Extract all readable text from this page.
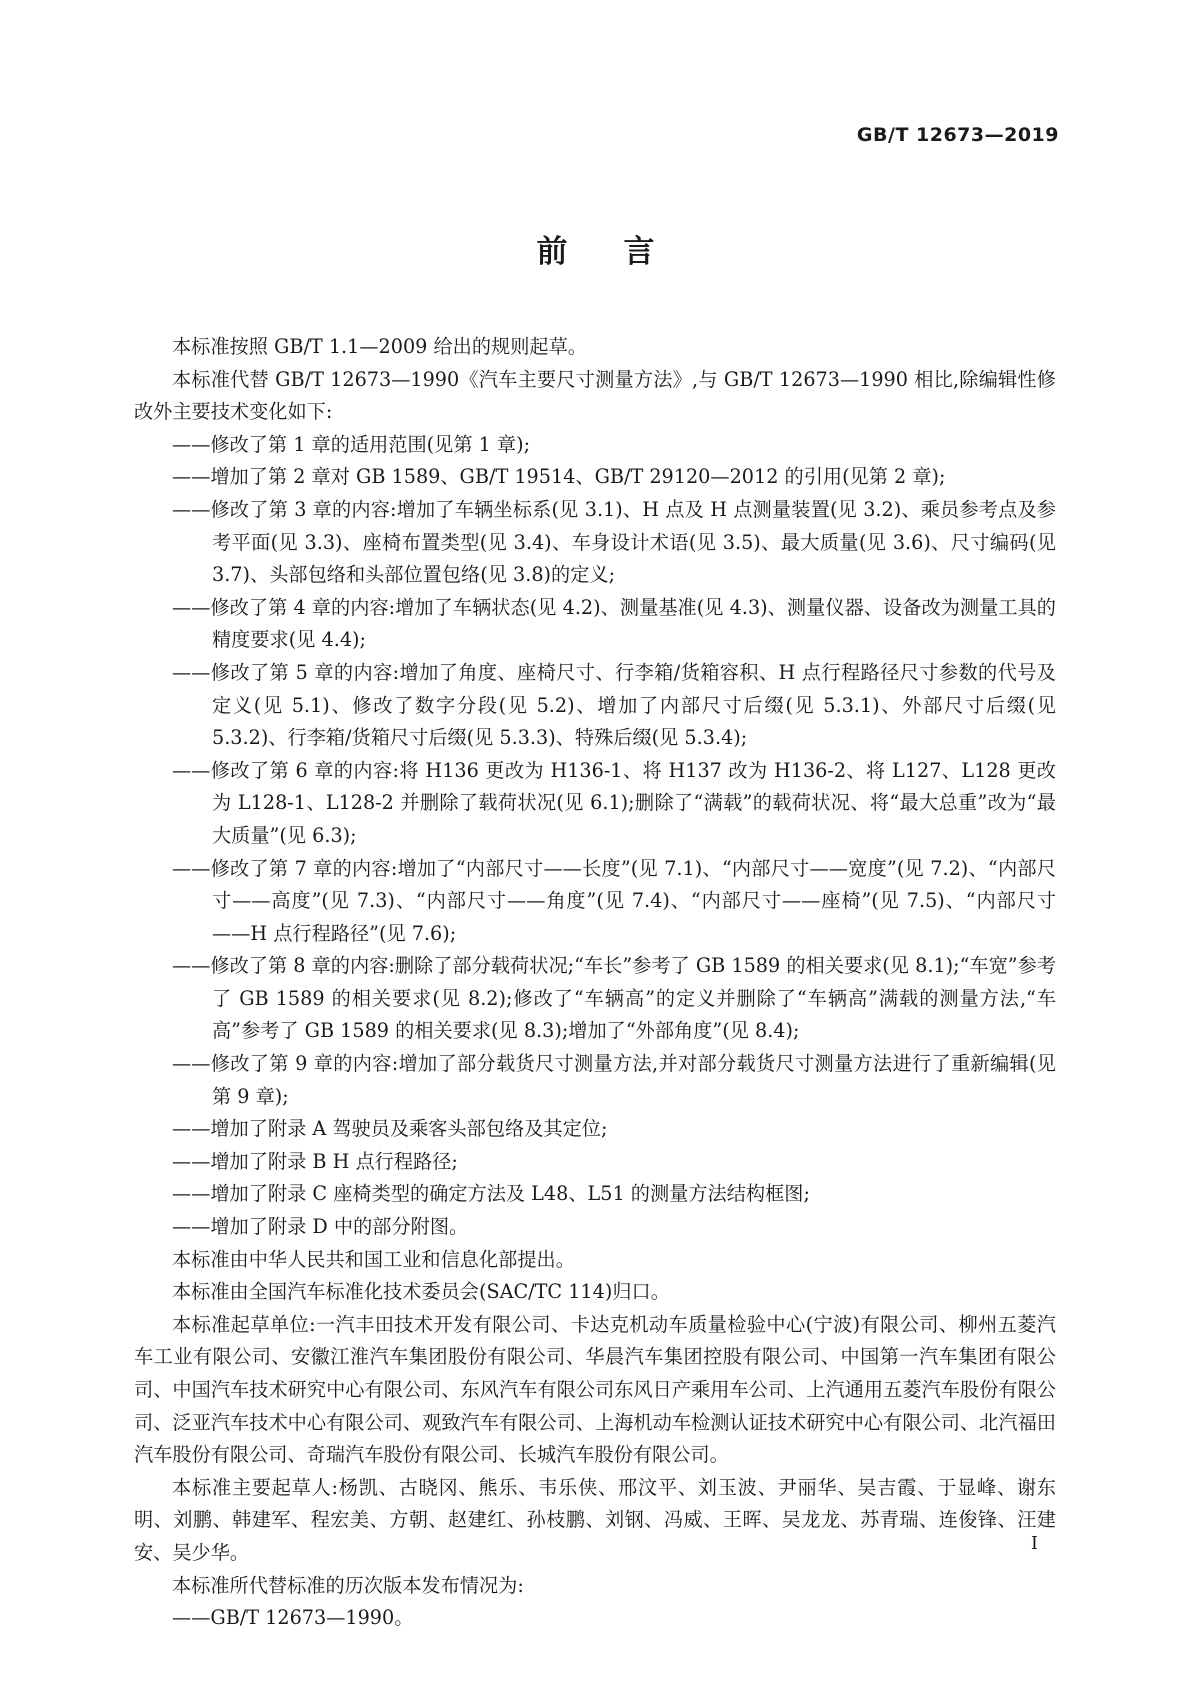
GB/T 12673—2019
前言

本标准按照 GB/T 1.1—2009 给出的规则起草。

本标准代替 GB/T 12673—1990《汽车主要尺寸测量方法》,与 GB/T 12673—1990 相比,除编辑性修改外主要技术变化如下:

——修改了第 1 章的适用范围(见第 1 章);

——增加了第 2 章对 GB 1589、GB/T 19514、GB/T 29120—2012 的引用(见第 2 章);

——修改了第 3 章的内容:增加了车辆坐标系(见 3.1)、H 点及 H 点测量装置(见 3.2)、乘员参考点及参考平面(见 3.3)、座椅布置类型(见 3.4)、车身设计术语(见 3.5)、最大质量(见 3.6)、尺寸编码(见 3.7)、头部包络和头部位置包络(见 3.8)的定义;

——修改了第 4 章的内容:增加了车辆状态(见 4.2)、测量基准(见 4.3)、测量仪器、设备改为测量工具的精度要求(见 4.4);

——修改了第 5 章的内容:增加了角度、座椅尺寸、行李箱/货箱容积、H 点行程路径尺寸参数的代号及定义(见 5.1)、修改了数字分段(见 5.2)、增加了内部尺寸后缀(见 5.3.1)、外部尺寸后缀(见 5.3.2)、行李箱/货箱尺寸后缀(见 5.3.3)、特殊后缀(见 5.3.4);

——修改了第 6 章的内容:将 H136 更改为 H136-1、将 H137 改为 H136-2、将 L127、L128 更改为 L128-1、L128-2 并删除了载荷状况(见 6.1);删除了“满载”的载荷状况、将“最大总重”改为“最大质量”(见 6.3);

——修改了第 7 章的内容:增加了“内部尺寸——长度”(见 7.1)、“内部尺寸——宽度”(见 7.2)、“内部尺寸——高度”(见 7.3)、“内部尺寸——角度”(见 7.4)、“内部尺寸——座椅”(见 7.5)、“内部尺寸——H 点行程路径”(见 7.6);

——修改了第 8 章的内容:删除了部分载荷状况;“车长”参考了 GB 1589 的相关要求(见 8.1);“车宽”参考了 GB 1589 的相关要求(见 8.2);修改了“车辆高”的定义并删除了“车辆高”满载的测量方法,“车高”参考了 GB 1589 的相关要求(见 8.3);增加了“外部角度”(见 8.4);

——修改了第 9 章的内容:增加了部分载货尺寸测量方法,并对部分载货尺寸测量方法进行了重新编辑(见第 9 章);

——增加了附录 A 驾驶员及乘客头部包络及其定位;

——增加了附录 B H 点行程路径;

——增加了附录 C 座椅类型的确定方法及 L48、L51 的测量方法结构框图;

——增加了附录 D 中的部分附图。

本标准由中华人民共和国工业和信息化部提出。

本标准由全国汽车标准化技术委员会(SAC/TC 114)归口。

本标准起草单位:一汽丰田技术开发有限公司、卡达克机动车质量检验中心(宁波)有限公司、柳州五菱汽车工业有限公司、安徽江淮汽车集团股份有限公司、华晨汽车集团控股有限公司、中国第一汽车集团有限公司、中国汽车技术研究中心有限公司、东风汽车有限公司东风日产乘用车公司、上汽通用五菱汽车股份有限公司、泛亚汽车技术中心有限公司、观致汽车有限公司、上海机动车检测认证技术研究中心有限公司、北汽福田汽车股份有限公司、奇瑞汽车股份有限公司、长城汽车股份有限公司。

本标准主要起草人:杨凯、古晓冈、熊乐、韦乐侠、邢汶平、刘玉波、尹丽华、吴吉霞、于显峰、谢东明、刘鹏、韩建军、程宏美、方朝、赵建红、孙枝鹏、刘钢、冯威、王晖、吴龙龙、苏青瑞、连俊锋、汪建安、吴少华。

本标准所代替标准的历次版本发布情况为:

——GB/T 12673—1990。

I
